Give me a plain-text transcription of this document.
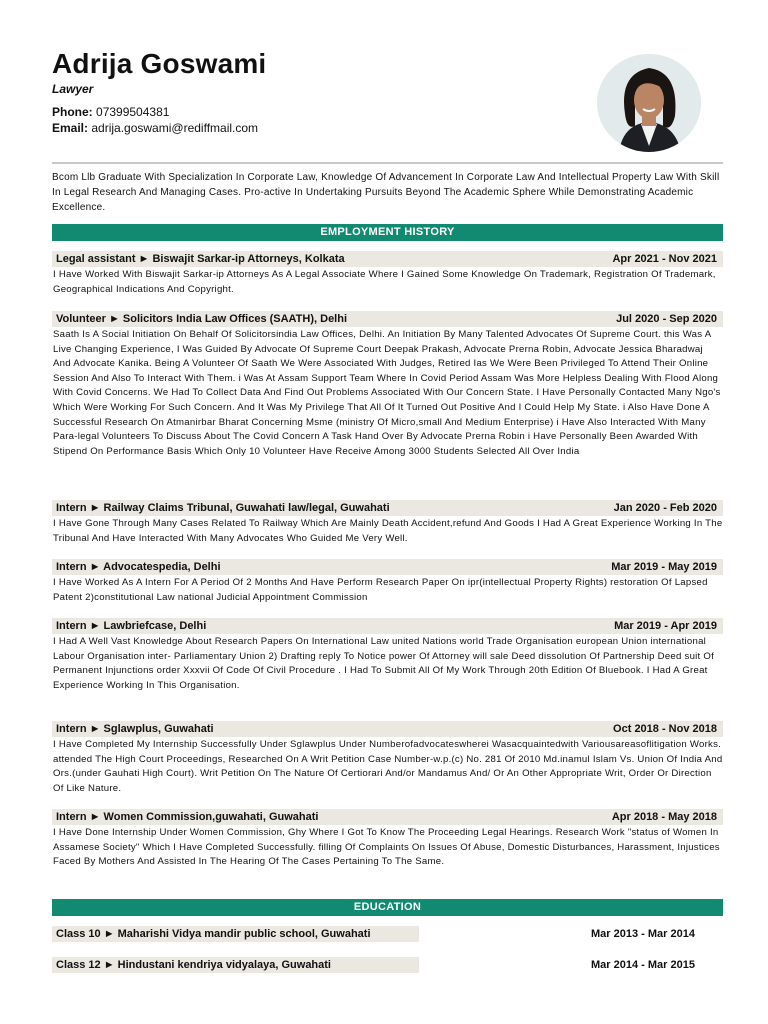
Adrija Goswami
Lawyer
Phone: 07399504381
Email: adrija.goswami@rediffmail.com
Bcom Llb Graduate With Specialization In Corporate Law, Knowledge Of Advancement In Corporate Law And Intellectual Property Law With Skill In Legal Research And Managing Cases. Pro-active In Undertaking Pursuits Beyond The Academic Sphere While Demonstrating Academic Excellence.
EMPLOYMENT HISTORY
Legal assistant ► Biswajit Sarkar-ip Attorneys, Kolkata	Apr 2021 - Nov 2021
I Have Worked With Biswajit Sarkar-ip Attorneys As A Legal Associate Where I Gained Some Knowledge On Trademark, Registration Of Trademark, Geographical Indications And Copyright.
Volunteer ► Solicitors India Law Offices (SAATH), Delhi	Jul 2020 - Sep 2020
Saath Is A Social Initiation On Behalf Of Solicitorsindia Law Offices, Delhi. An Initiation By Many Talented Advocates Of Supreme Court. this Was A Live Changing Experience, I Was Guided By Advocate Of Supreme Court Deepak Prakash, Advocate Prerna Robin, Advocate Jessica Bharadwaj And Advocate Kanika. Being A Volunteer Of Saath We Were Associated With Judges, Retired Ias We Were Been Privileged To Attend Their Online Session And Also To Interact With Them. i Was At Assam Support Team Where In Covid Period Assam Was More Helpless Dealing With Flood Along With Covid Concerns. We Had To Collect Data And Find Out Problems Associated With Our Concern State. I Have Personally Contacted Many Ngo's Which Were Working For Such Concern. And It Was My Privilege That All Of It Turned Out Positive And I Could Help My State. i Also Have Done A Successful Research On Atmanirbar Bharat Concerning Msme (ministry Of Micro,small And Medium Enterprise) i Have Also Interacted With Many Para-legal Volunteers To Discuss About The Covid Concern A Task Hand Over By Advocate Prerna Robin i Have Personally Been Awarded With Stipend On Performance Basis Which Only 10 Volunteer Have Receive Among 3000 Students Selected All Over India
Intern ► Railway Claims Tribunal, Guwahati law/legal, Guwahati	Jan 2020 - Feb 2020
I Have Gone Through Many Cases Related To Railway Which Are Mainly Death Accident,refund And Goods I Had A Great Experience Working In The Tribunal And Have Interacted With Many Advocates Who Guided Me Very Well.
Intern ► Advocatespedia, Delhi	Mar 2019 - May 2019
I Have Worked As A Intern For A Period Of 2 Months And Have Perform Research Paper On ipr(intellectual Property Rights) restoration Of Lapsed Patent 2)constitutional Law national Judicial Appointment Commission
Intern ► Lawbriefcase, Delhi	Mar 2019 - Apr 2019
I Had A Well Vast Knowledge About Research Papers On International Law united Nations world Trade Organisation european Union international Labour Organisation inter- Parliamentary Union 2) Drafting reply To Notice power Of Attorney will sale Deed dissolution Of Partnership Deed suit Of Permanent Injunctions order Xxxvii Of Code Of Civil Procedure . I Had To Submit All Of My Work Through 20th Edition Of Bluebook. I Had A Great Experience Working In This Organisation.
Intern ► Sglawplus, Guwahati	Oct 2018 - Nov 2018
I Have Completed My Internship Successfully Under Sglawplus Under Numberofadvocateswherei Wasacquaintedwith Variousareasoflitigation Works. attended The High Court Proceedings, Researched On A Writ Petition Case Number-w.p.(c) No. 281 Of 2010 Md.inamul Islam Vs. Union Of India And Ors.(under Gauhati High Court). Writ Petition On The Nature Of Certiorari And/or Mandamus And/ Or An Other Appropriate Writ, Order Or Direction Of Like Nature.
Intern ► Women Commission,guwahati, Guwahati	Apr 2018 - May 2018
I Have Done Internship Under Women Commission, Ghy Where I Got To Know The Proceeding Legal Hearings. Research Work "status of Women In Assamese Society" Which I Have Completed Successfully. filling Of Complaints On Issues Of Abuse, Domestic Disturbances, Harassment, Injustices Faced By Mothers And Assisted In The Hearing Of The Cases Pertaining To The Same.
EDUCATION
Class 10 ► Maharishi Vidya mandir public school, Guwahati	Mar 2013 - Mar 2014
Class 12 ► Hindustani kendriya vidyalaya, Guwahati	Mar 2014 - Mar 2015
